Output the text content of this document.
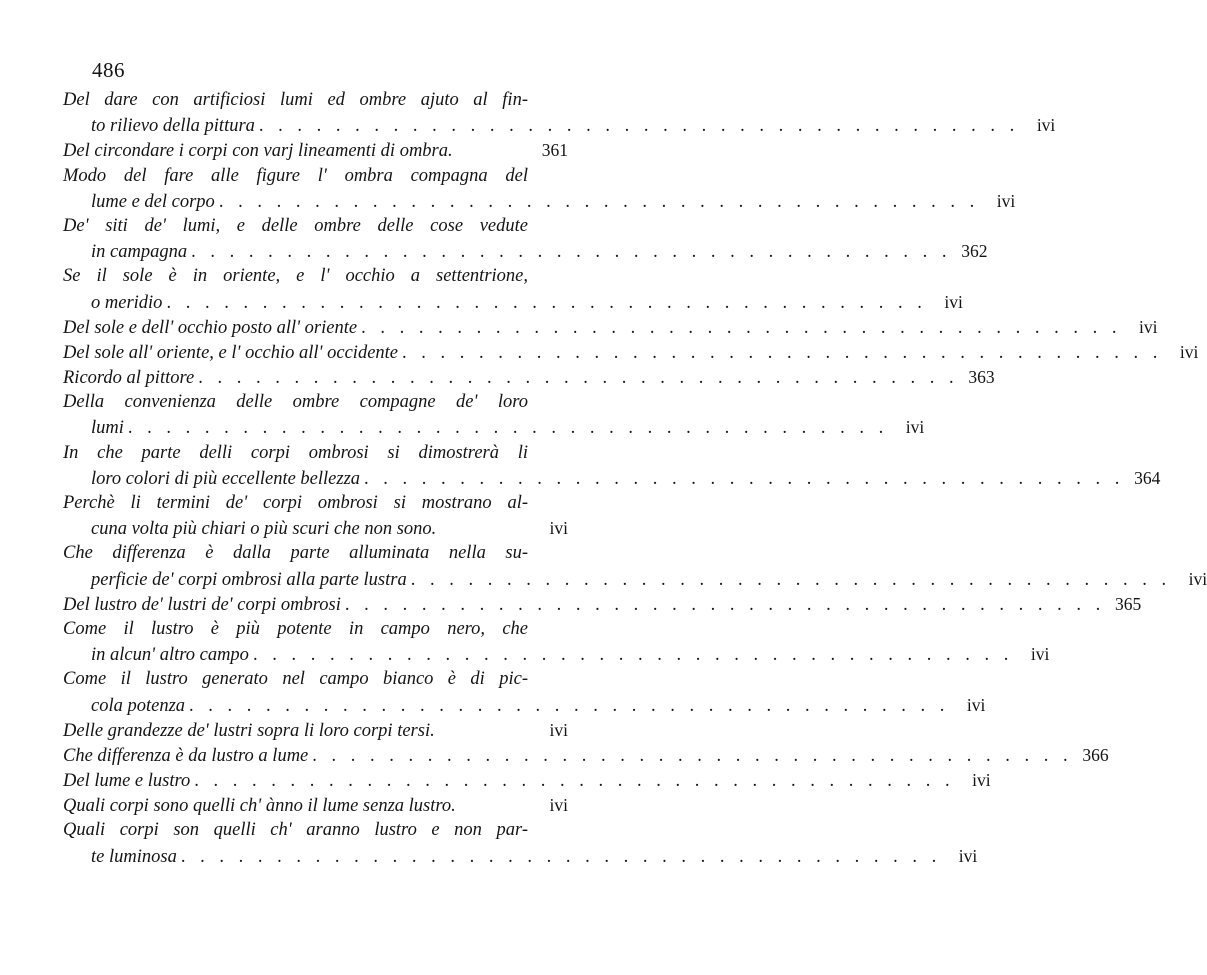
486
Del dare con artificiosi lumi ed ombre ajuto al fin-
to rilievo della pittura . . . . . . . . . . . . . . . . . . . . . . . . . . . . . . . . . . . . . . . .	ivi
Del circondare i corpi con varj lineamenti di ombra.	361
Modo del fare alle figure l' ombra compagna del
lume e del corpo . . . . . . . . . . . . . . . . . . . . . . . . . . . . . . . . . . . . . . . .	ivi
De' siti de' lumi, e delle ombre delle cose vedute
in campagna . . . . . . . . . . . . . . . . . . . . . . . . . . . . . . . . . . . . . . . . 362
Se il sole è in oriente, e l' occhio a settentrione,
o meridio . . . . . . . . . . . . . . . . . . . . . . . . . . . . . . . . . . . . . . . .	ivi
Del sole e dell' occhio posto all' oriente . . . . . . . . . . . . . . . . . . . . . . . . . . . . . . . . . . . . . . . .	ivi
Del sole all' oriente, e l' occhio all' occidente . . . . . . . . . . . . . . . . . . . . . . . . . . . . . . . . . . . . . . . .	ivi
Ricordo al pittore . . . . . . . . . . . . . . . . . . . . . . . . . . . . . . . . . . . . . . . . 363
Della convenienza delle ombre compagne de' loro
lumi . . . . . . . . . . . . . . . . . . . . . . . . . . . . . . . . . . . . . . . .	ivi
In che parte delli corpi ombrosi si dimostrerà li
loro colori di più eccellente bellezza . . . . . . . . . . . . . . . . . . . . . . . . . . . . . . . . . . . . . . . . 364
Perchè li termini de' corpi ombrosi si mostrano al-
cuna volta più chiari o più scuri che non sono.	ivi
Che differenza è dalla parte alluminata nella su-
perficie de' corpi ombrosi alla parte lustra . . . . . . . . . . . . . . . . . . . . . . . . . . . . . . . . . . . . . . . .	ivi
Del lustro de' lustri de' corpi ombrosi . . . . . . . . . . . . . . . . . . . . . . . . . . . . . . . . . . . . . . . . 365
Come il lustro è più potente in campo nero, che
in alcun' altro campo . . . . . . . . . . . . . . . . . . . . . . . . . . . . . . . . . . . . . . . .	ivi
Come il lustro generato nel campo bianco è di pic-
cola potenza . . . . . . . . . . . . . . . . . . . . . . . . . . . . . . . . . . . . . . . .	ivi
Delle grandezze de' lustri sopra li loro corpi tersi.	ivi
Che differenza è da lustro a lume . . . . . . . . . . . . . . . . . . . . . . . . . . . . . . . . . . . . . . . . 366
Del lume e lustro . . . . . . . . . . . . . . . . . . . . . . . . . . . . . . . . . . . . . . . .	ivi
Quali corpi sono quelli ch' ànno il lume senza lustro.	ivi
Quali corpi son quelli ch' aranno lustro e non par-
te luminosa . . . . . . . . . . . . . . . . . . . . . . . . . . . . . . . . . . . . . . . .	ivi
